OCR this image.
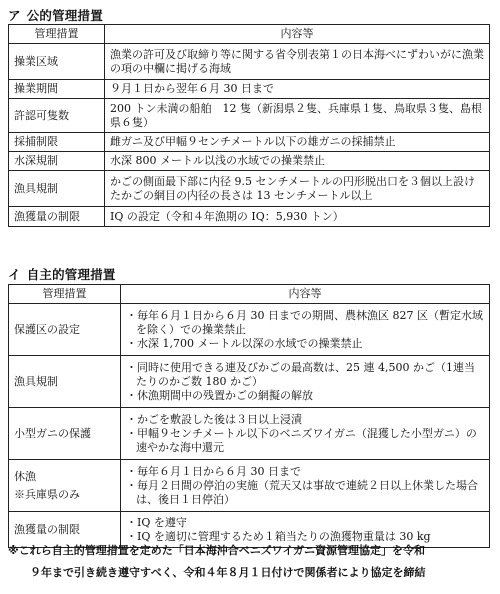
ア 公的管理措置
管理措置	内容等
操業区域	漁業の許可及び取締り等に関する省令別表第１の日本海べにずわいがに漁業の項の中欄に掲げる海域
操業期間	９月１日から翌年６月 30 日まで
許認可隻数	200 トン未満の船舶　12 隻（新潟県２隻、兵庫県１隻、鳥取県３隻、島根県６隻）
採捕制限	雌ガニ及び甲幅９センチメートル以下の雄ガニの採捕禁止
水深規制	水深 800 メートル以浅の水域での操業禁止
漁具規制	かごの側面最下部に内径 9.5 センチメートルの円形脱出口を３個以上設けたかごの網目の内径の長さは 13 センチメートル以上
漁獲量の制限	IQ の設定（令和４年漁期の IQ：5,930 トン）
イ 自主的管理措置
管理措置	内容等
保護区の設定	・ 毎年６月１日から６月 30 日までの期間、農林漁区 827 区（暫定水域を除く）での操業禁止
・ 水深 1,700 メートル以深の水域での操業禁止

漁具規制	・ 同時に使用できる連及びかごの最高数は、25 連 4,500 かご（1連当たりのかご数 180 かご）
・ 休漁期間中の残置かごの網擬の解放

小型ガニの保護	・ かごを敷設した後は３日以上浸漬
・ 甲幅９センチメートル以下のベニズワイガニ（混獲した小型ガニ）の速やかな海中還元

休漁
※兵庫県のみ	・ 毎年６月１日から６月 30 日まで
・ 毎月２日間の停泊の実施（荒天又は事故で連続２日以上休業した場合は、後日１日停泊）

漁獲量の制限	・ IQ を遵守
・ IQ を適切に管理するため１箱当たりの漁獲物重量は 30 kg
※これら自主的管理措置を定めた「日本海沖合ベニズワイガニ資源管理協定」を令和
９年まで引き続き遵守すべく、令和４年８月１日付けで関係者により協定を締結
